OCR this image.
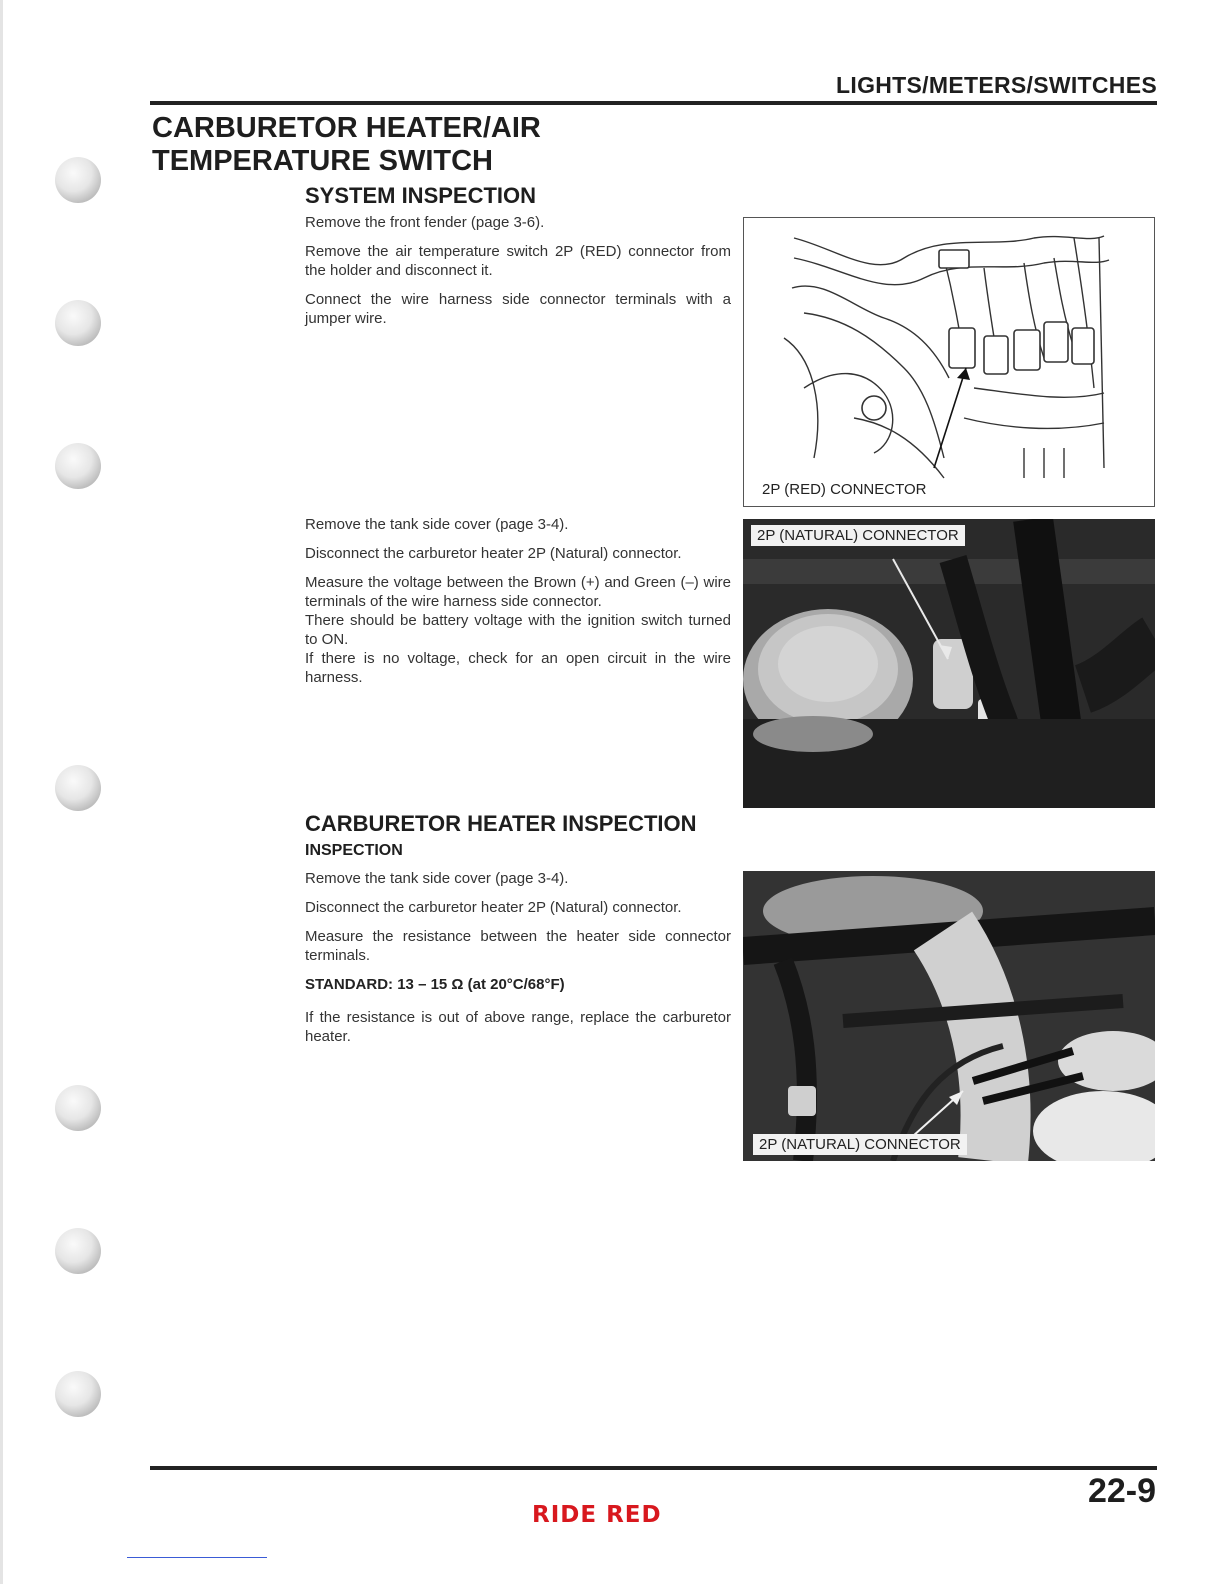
LIGHTS/METERS/SWITCHES
CARBURETOR HEATER/AIR
TEMPERATURE SWITCH
SYSTEM INSPECTION

Remove the front fender (page 3-6).

Remove the air temperature switch 2P (RED) connector from the holder and disconnect it.

Connect the wire harness side connector terminals with a jumper wire.

Remove the tank side cover (page 3-4).

Disconnect the carburetor heater 2P (Natural) connector.

Measure the voltage between the Brown (+) and Green (–) wire terminals of the wire harness side connector.

There should be battery voltage with the ignition switch turned to ON.

If there is no voltage, check for an open circuit in the wire harness.

CARBURETOR HEATER INSPECTION
INSPECTION

Remove the tank side cover (page 3-4).

Disconnect the carburetor heater 2P (Natural) connector.

Measure the resistance between the heater side connector terminals.

STANDARD: 13 – 15 Ω (at 20°C/68°F)

If the resistance is out of above range, replace the carburetor heater.

2P (RED) CONNECTOR
2P (NATURAL) CONNECTOR
2P (NATURAL) CONNECTOR
22-9
RIDE RED
